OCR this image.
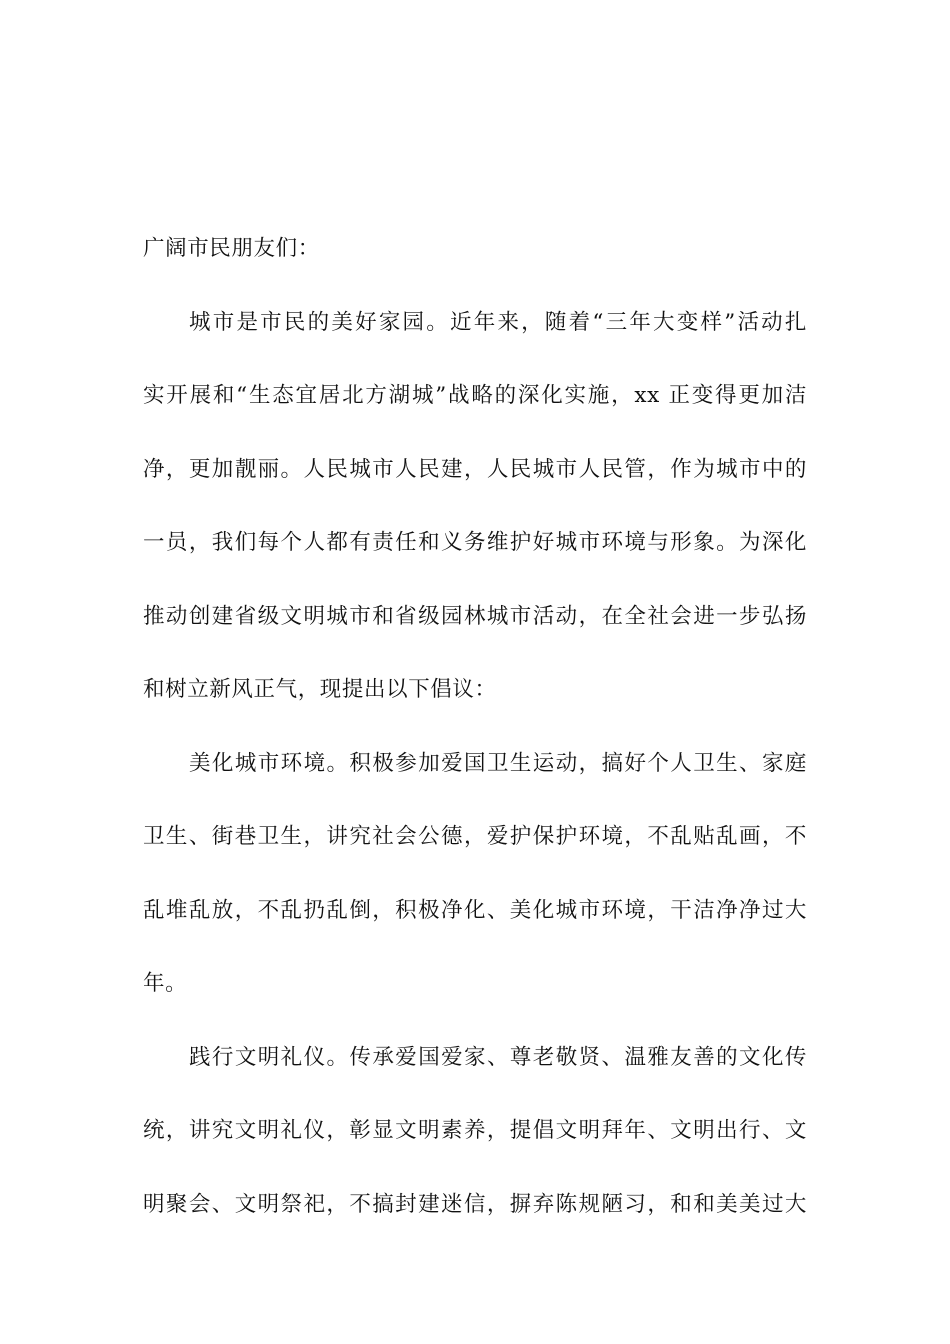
广阔市民朋友们：
城市是市民的美好家园。近年来，随着“三年大变样”活动扎
实开展和“生态宜居北方湖城”战略的深化实施，xx 正变得更加洁
净，更加靓丽。人民城市人民建，人民城市人民管，作为城市中的
一员，我们每个人都有责任和义务维护好城市环境与形象。为深化
推动创建省级文明城市和省级园林城市活动，在全社会进一步弘扬
和树立新风正气，现提出以下倡议：
美化城市环境。积极参加爱国卫生运动，搞好个人卫生、家庭
卫生、街巷卫生，讲究社会公德，爱护保护环境，不乱贴乱画，不
乱堆乱放，不乱扔乱倒，积极净化、美化城市环境，干洁净净过大
年。
践行文明礼仪。传承爱国爱家、尊老敬贤、温雅友善的文化传
统，讲究文明礼仪，彰显文明素养，提倡文明拜年、文明出行、文
明聚会、文明祭祀，不搞封建迷信，摒弃陈规陋习，和和美美过大
